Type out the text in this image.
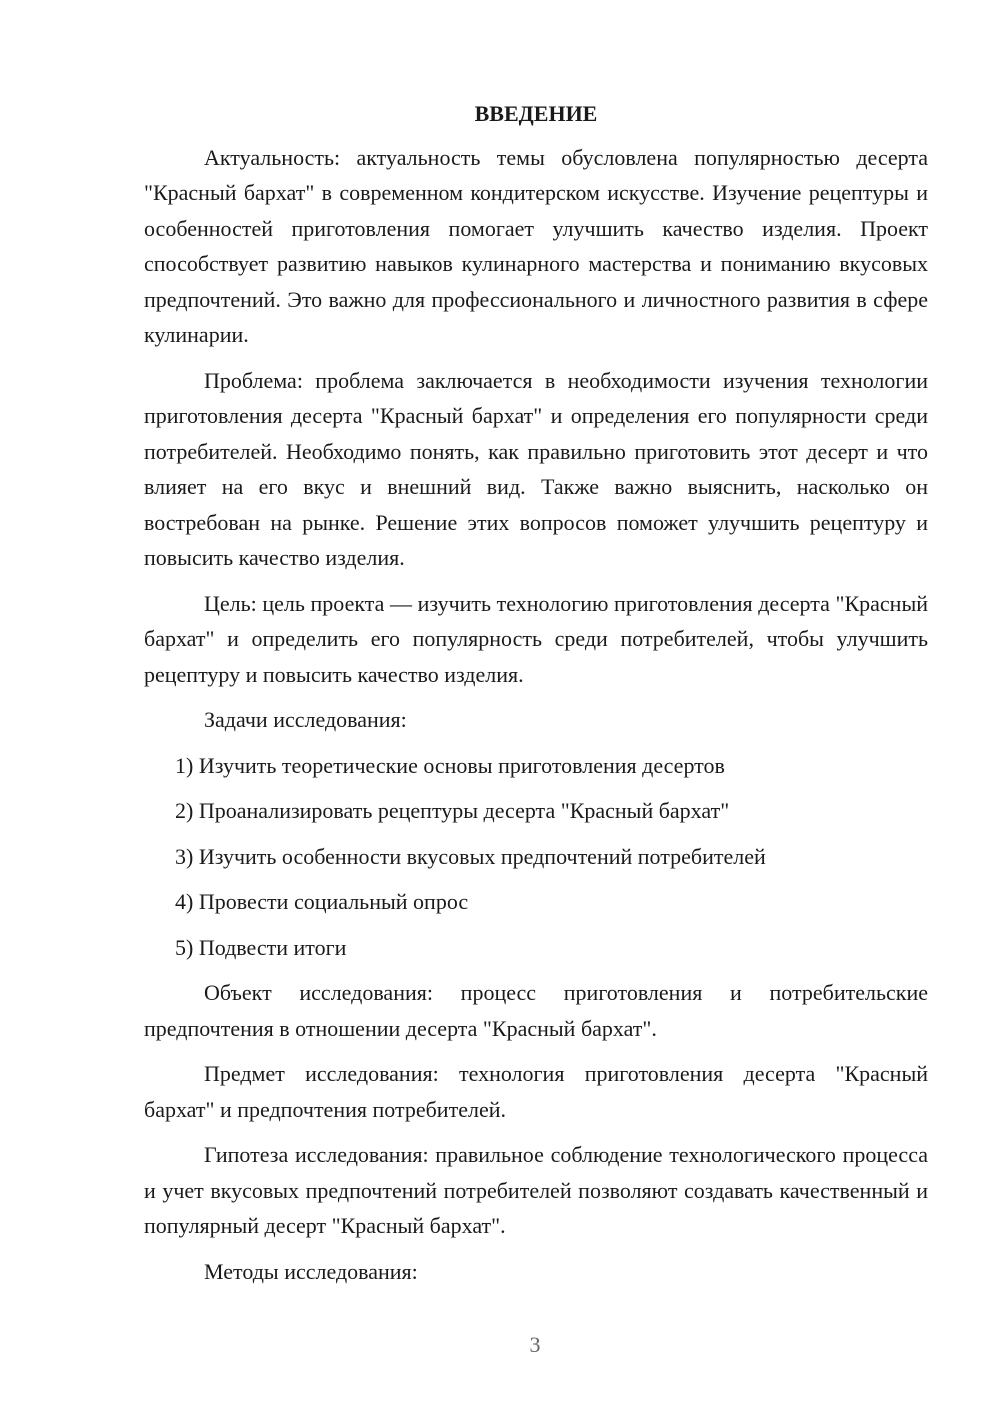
ВВЕДЕНИЕ

Актуальность: актуальность темы обусловлена популярностью десерта "Красный бархат" в современном кондитерском искусстве. Изучение рецептуры и особенностей приготовления помогает улучшить качество изделия. Проект способствует развитию навыков кулинарного мастерства и пониманию вкусовых предпочтений. Это важно для профессионального и личностного развития в сфере кулинарии.

Проблема: проблема заключается в необходимости изучения технологии приготовления десерта "Красный бархат" и определения его популярности среди потребителей. Необходимо понять, как правильно приготовить этот десерт и что влияет на его вкус и внешний вид. Также важно выяснить, насколько он востребован на рынке. Решение этих вопросов поможет улучшить рецептуру и повысить качество изделия.

Цель: цель проекта — изучить технологию приготовления десерта "Красный бархат" и определить его популярность среди потребителей, чтобы улучшить рецептуру и повысить качество изделия.

Задачи исследования:

1) Изучить теоретические основы приготовления десертов
2) Проанализировать рецептуры десерта "Красный бархат"
3) Изучить особенности вкусовых предпочтений потребителей
4) Провести социальный опрос
5) Подвести итоги

Объект исследования: процесс приготовления и потребительские предпочтения в отношении десерта "Красный бархат".

Предмет исследования: технология приготовления десерта "Красный бархат" и предпочтения потребителей.

Гипотеза исследования: правильное соблюдение технологического процесса и учет вкусовых предпочтений потребителей позволяют создавать качественный и популярный десерт "Красный бархат".

Методы исследования:

3
